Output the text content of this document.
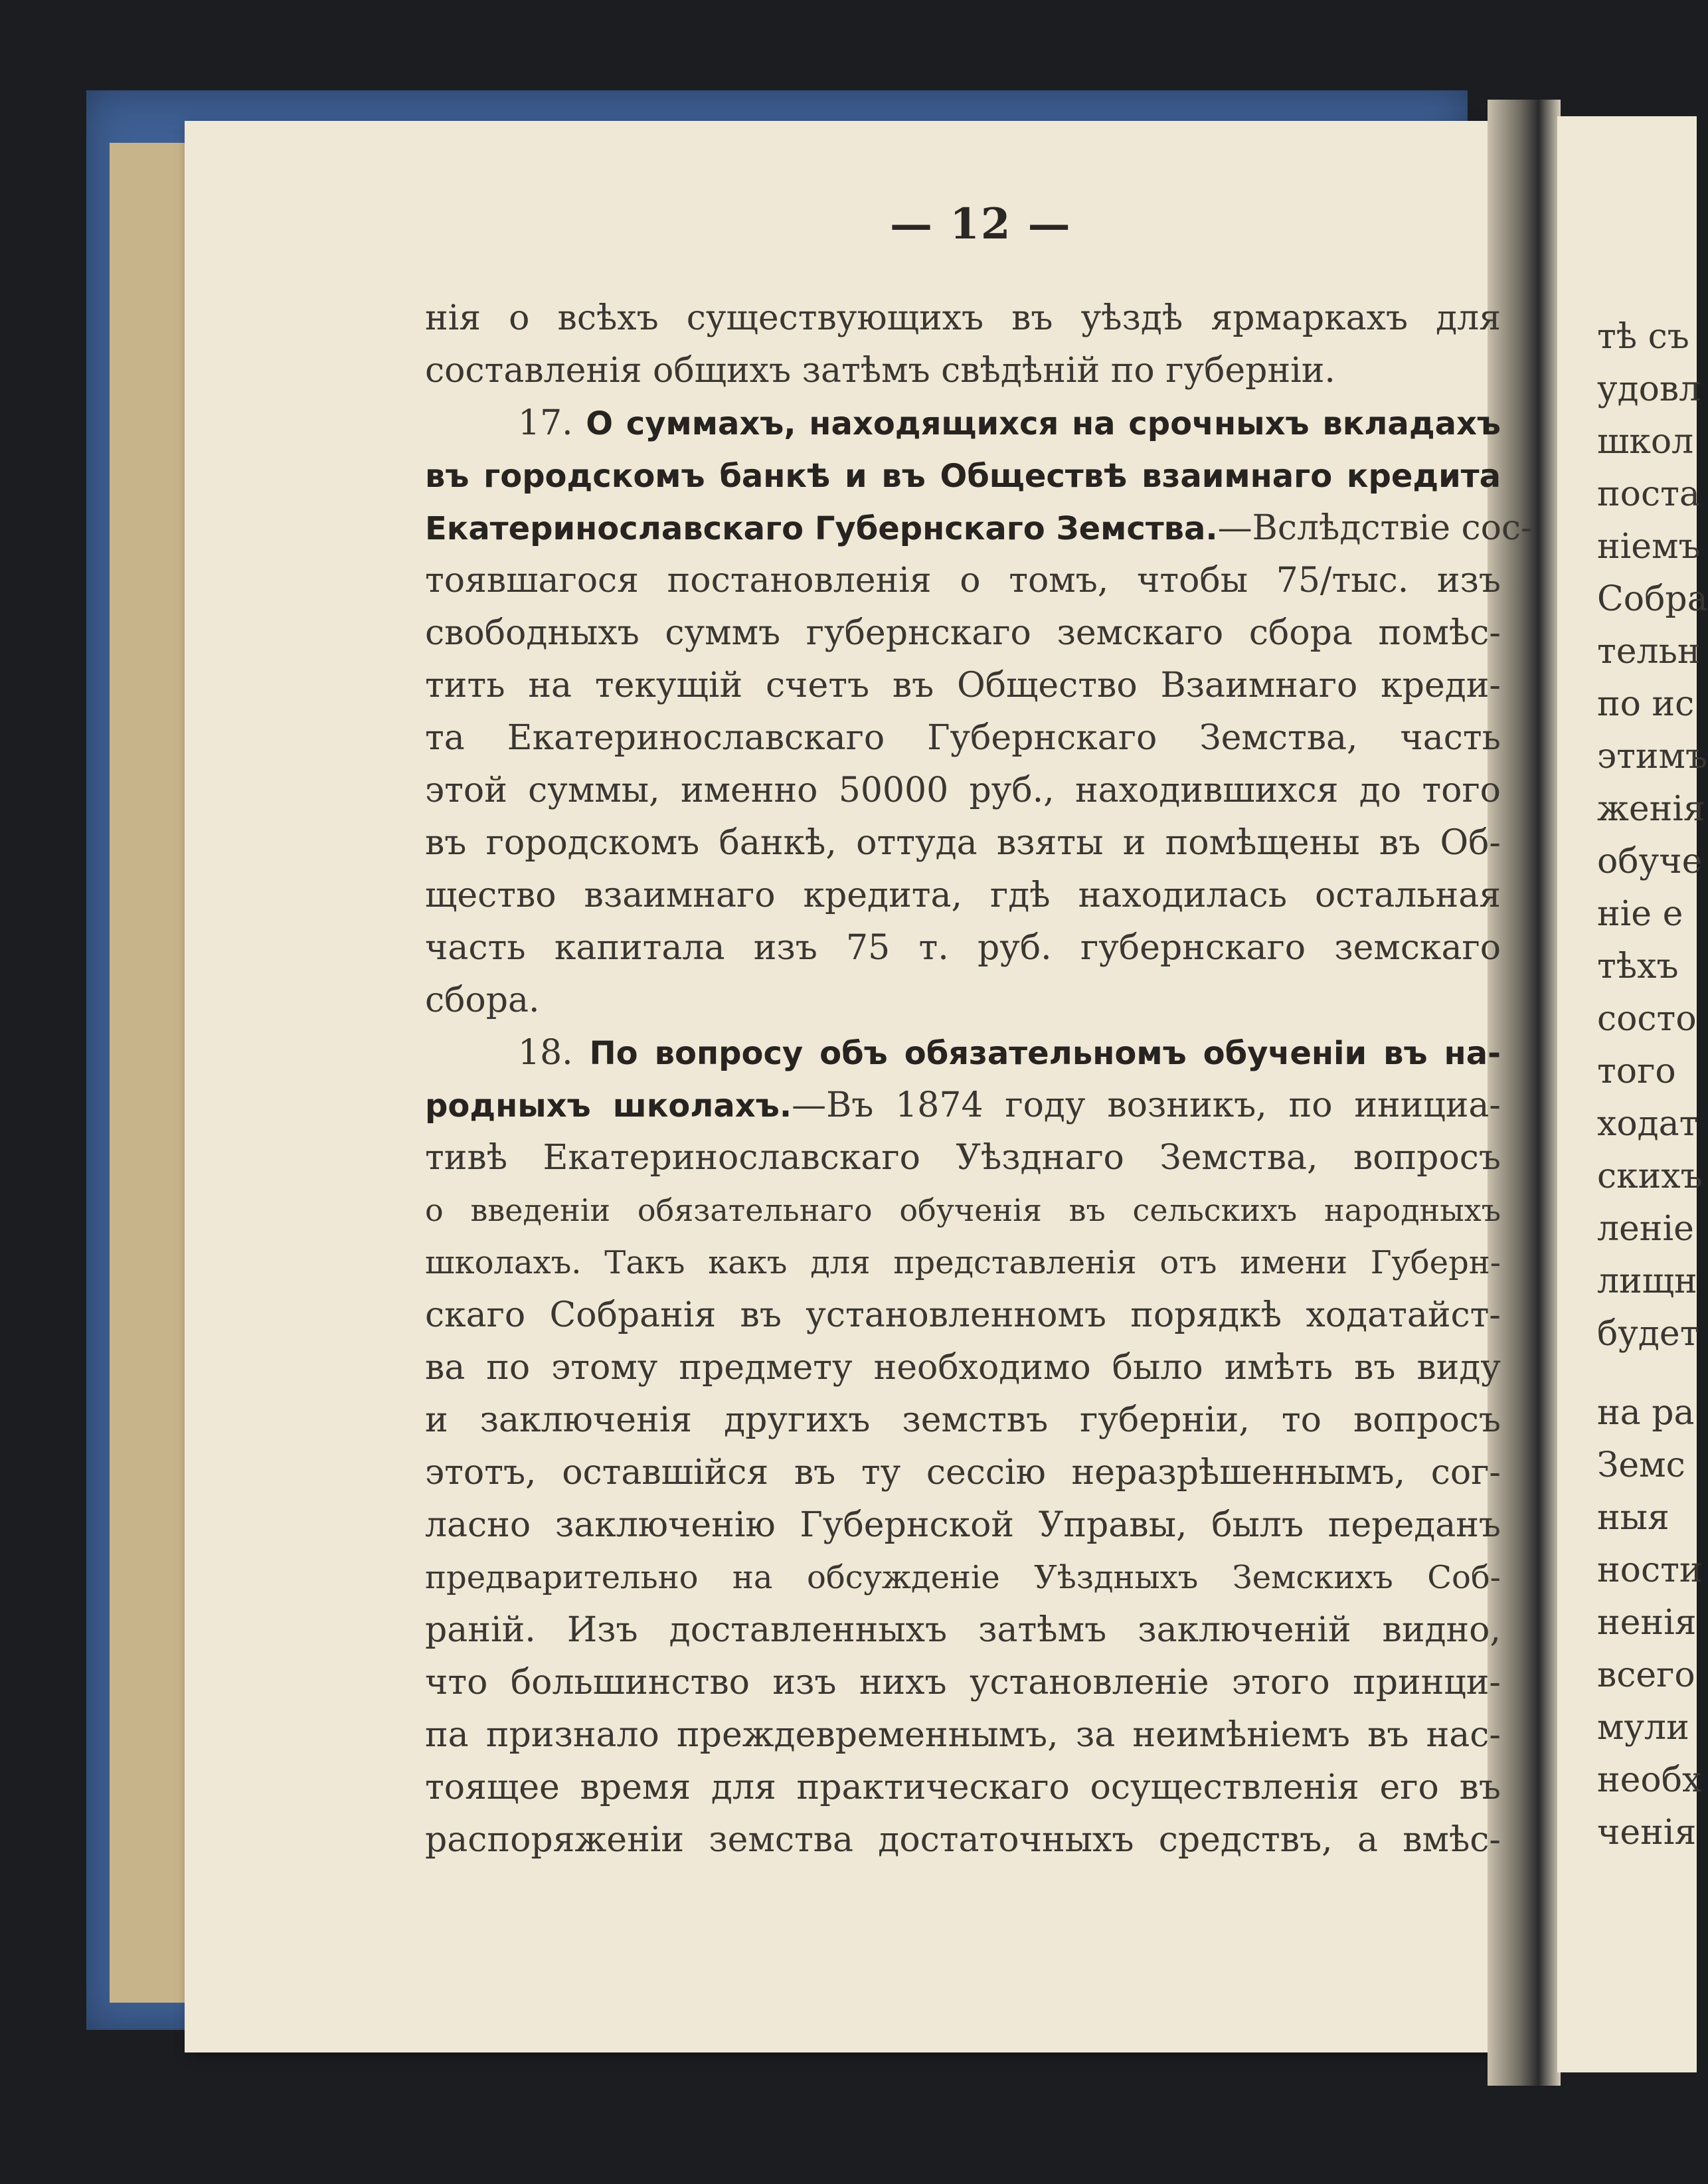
— 12 —
нія о всѣхъ существующихъ въ уѣздѣ ярмаркахъ для
составленія общихъ затѣмъ свѣдѣній по губерніи.
17. О суммахъ, находящихся на срочныхъ вкладахъ
въ городскомъ банкѣ и въ Обществѣ взаимнаго кредита
Екатеринославскаго Губернскаго Земства.—Вслѣдствіе сос-
тоявшагося постановленія о томъ, чтобы 75/тыс. изъ
свободныхъ суммъ губернскаго земскаго сбора помѣс-
тить на текущій счетъ въ Общество Взаимнаго креди-
та Екатеринославскаго Губернскаго Земства, часть
этой суммы, именно 50000 руб., находившихся до того
въ городскомъ банкѣ, оттуда взяты и помѣщены въ Об-
щество взаимнаго кредита, гдѣ находилась остальная
часть капитала изъ 75 т. руб. губернскаго земскаго
сбора.
18. По вопросу объ обязательномъ обученіи въ на-
родныхъ школахъ.—Въ 1874 году возникъ, по инициа-
тивѣ Екатеринославскаго Уѣзднаго Земства, вопросъ
о введеніи обязательнаго обученія въ сельскихъ народныхъ
школахъ. Такъ какъ для представленія отъ имени Губерн-
скаго Собранія въ установленномъ порядкѣ ходатайст-
ва по этому предмету необходимо было имѣть въ виду
и заключенія другихъ земствъ губерніи, то вопросъ
этотъ, оставшійся въ ту сессію неразрѣшеннымъ, сог-
ласно заключенію Губернской Управы, былъ переданъ
предварительно на обсужденіе Уѣздныхъ Земскихъ Соб-
раній. Изъ доставленныхъ затѣмъ заключеній видно,
что большинство изъ нихъ установленіе этого принци-
па признало преждевременнымъ, за неимѣніемъ въ нас-
тоящее время для практическаго осуществленія его въ
распоряженіи земства достаточныхъ средствъ, а вмѣс-
тѣ съ
удовл
школ
поста
ніемъ
Собра
тельн
по ис
этимъ
женія
обуче
ніе е
тѣхъ
состо
того
ходат
скихъ
леніе
лищн
будет
на ра
Земс
ныя
ности
ненія
всего
мули
необх
ченія
